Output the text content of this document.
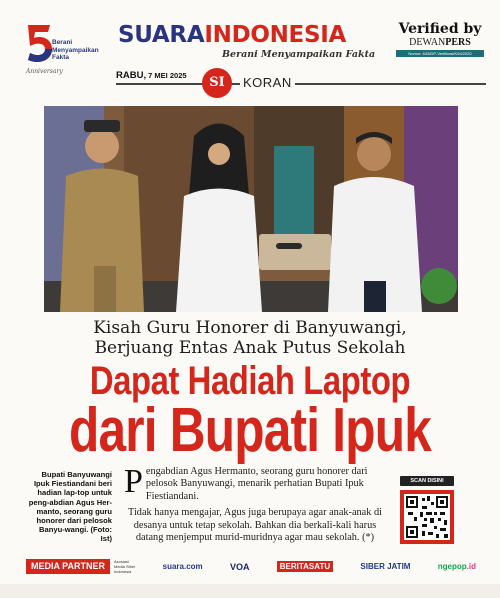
Berani
Menyampaikan
Fakta
Anniversary
SUARAINDONESIA
Berani Menyampaikan Fakta
Verified by
DEWANPERS
Nomor: 643/DP-Verifikasi/K/III/2020
RABU, 7 MEI 2025	SI	KORAN
Kisah Guru Honorer di Banyuwangi,
Berjuang Entas Anak Putus Sekolah
Dapat Hadiah Laptop
dari Bupati Ipuk
Bupati Banyuwangi Ipuk Fiestiandani beri hadian lap-top untuk peng-abdian Agus Her-manto, seorang guru honorer dari pelosok Banyu-wangi. (Foto: Ist)

Pengabdian Agus Hermanto, seorang guru honorer dari pelosok Banyuwangi, menarik perhatian Bupati Ipuk Fiestiandani.

Tidak hanya mengajar, Agus juga berupaya agar anak-anak di desanya untuk tetap sekolah. Bahkan dia berkali-kali harus datang menjemput murid-muridnya agar mau sekolah. (*)

SCAN DISINI
MEDIA PARTNER	Asosiasi
Media Siber
Indonesia
suara.com	VOA	BERITASATU	SIBER JATIM	ngepop.id
